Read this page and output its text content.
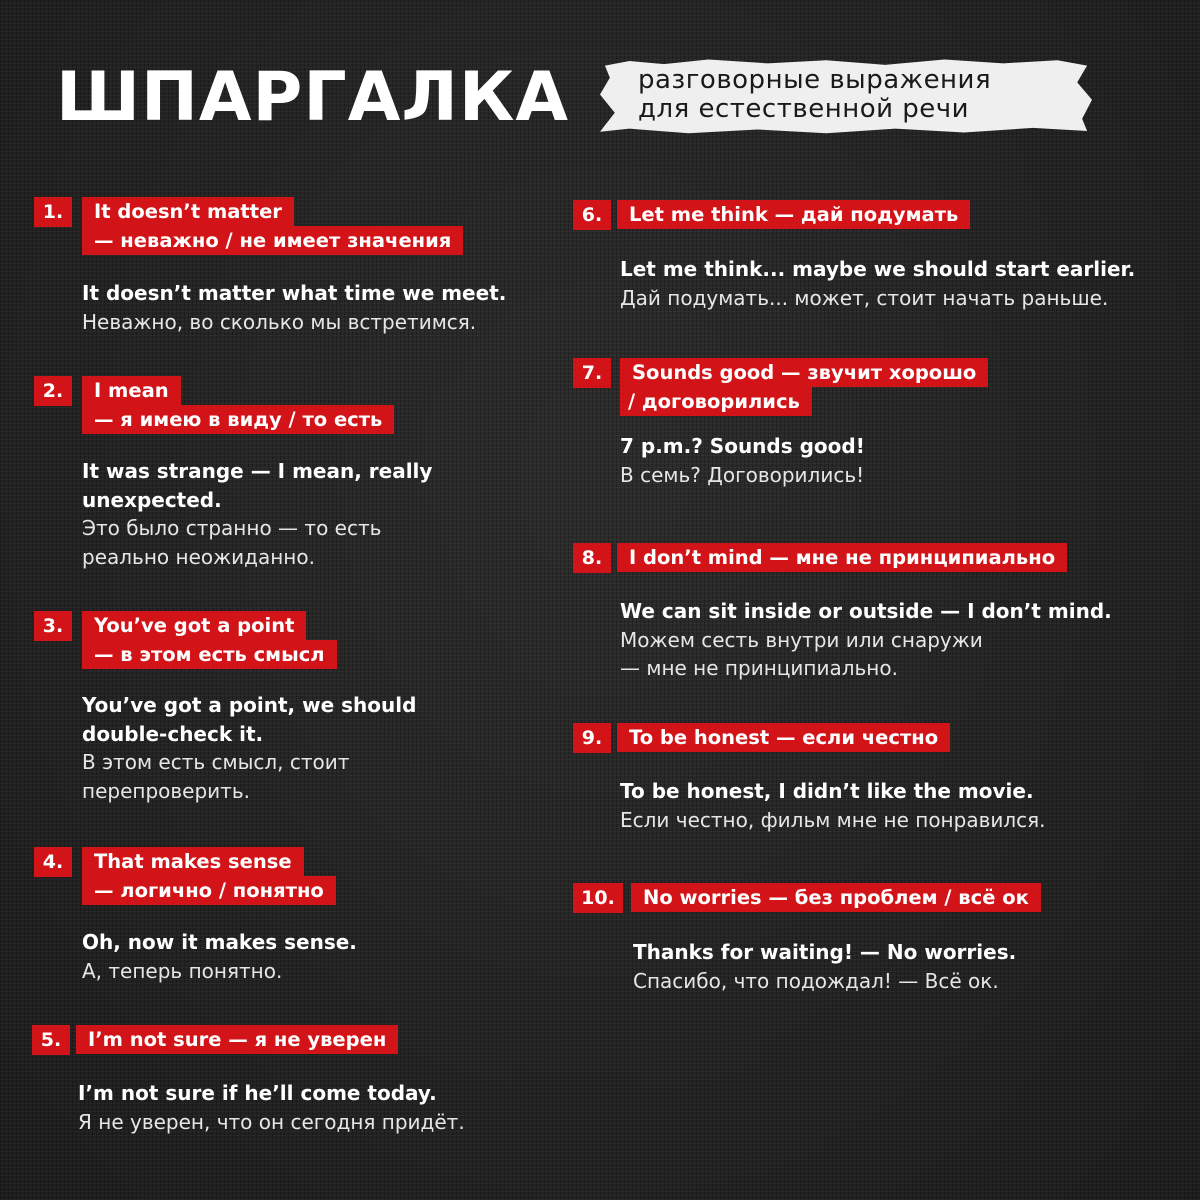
ШПАРГАЛКА	разговорные выражения
для естественной речи
1.	It doesn’t matter
— неважно / не имеет значения
It doesn’t matter what time we meet.
Неважно, во сколько мы встретимся.
2.	I mean
— я имею в виду / то есть
It was strange — I mean, really
unexpected.
Это было странно — то есть
реально неожиданно.
3.	You’ve got a point
— в этом есть смысл
You’ve got a point, we should
double-check it.
В этом есть смысл, стоит
перепроверить.
4.	That makes sense
— логично / понятно
Oh, now it makes sense.
А, теперь понятно.
5.	I’m not sure — я не уверен
I’m not sure if he’ll come today.
Я не уверен, что он сегодня придёт.
6.	Let me think — дай подумать
Let me think... maybe we should start earlier.
Дай подумать... может, стоит начать раньше.
7.	Sounds good — звучит хорошо
/ договорились
7 p.m.? Sounds good!
В семь? Договорились!
8.	I don’t mind — мне не принципиально
We can sit inside or outside — I don’t mind.
Можем сесть внутри или снаружи
— мне не принципиально.
9.	To be honest — если честно
To be honest, I didn’t like the movie.
Если честно, фильм мне не понравился.
10.	No worries — без проблем / всё ок
Thanks for waiting! — No worries.
Спасибо, что подождал! — Всё ок.
